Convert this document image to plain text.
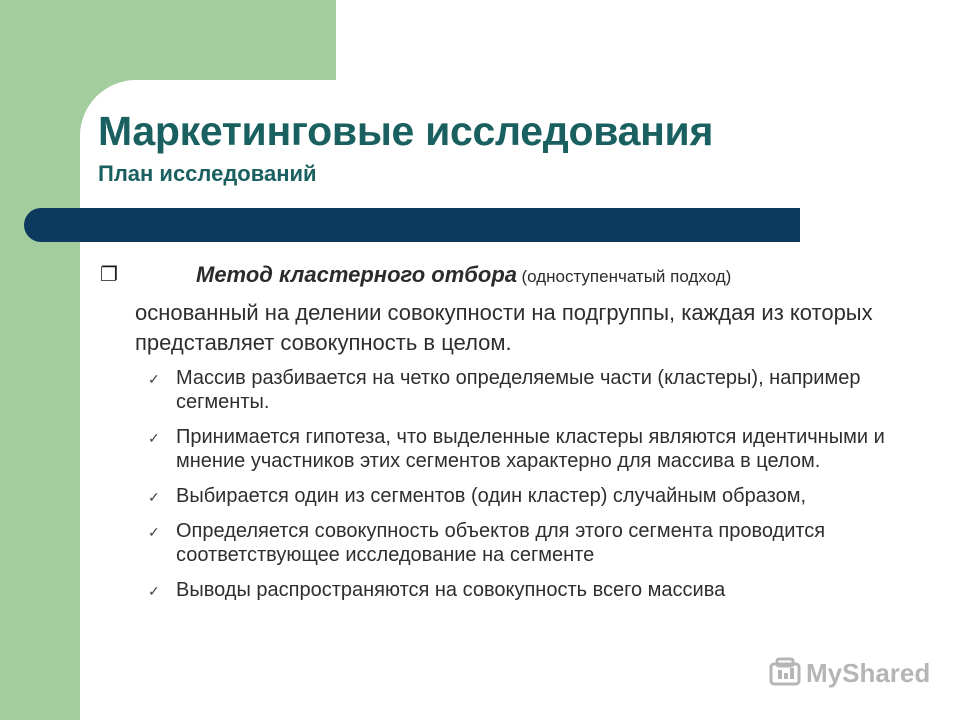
Маркетинговые исследования
План исследований
❐	Метод кластерного отбора (одноступенчатый подход)

основанный на делении совокупности на подгруппы, каждая из которых представляет совокупность в целом.

✓ Массив разбивается на четко определяемые части (кластеры), например сегменты.
✓ Принимается гипотеза, что выделенные кластеры являются идентичными и мнение участников этих сегментов характерно для массива в целом.
✓ Выбирается один из сегментов (один кластер) случайным образом,
✓ Определяется совокупность объектов для этого сегмента проводится соответствующее исследование на сегменте
✓ Выводы распространяются на совокупность всего массива
MyShared
